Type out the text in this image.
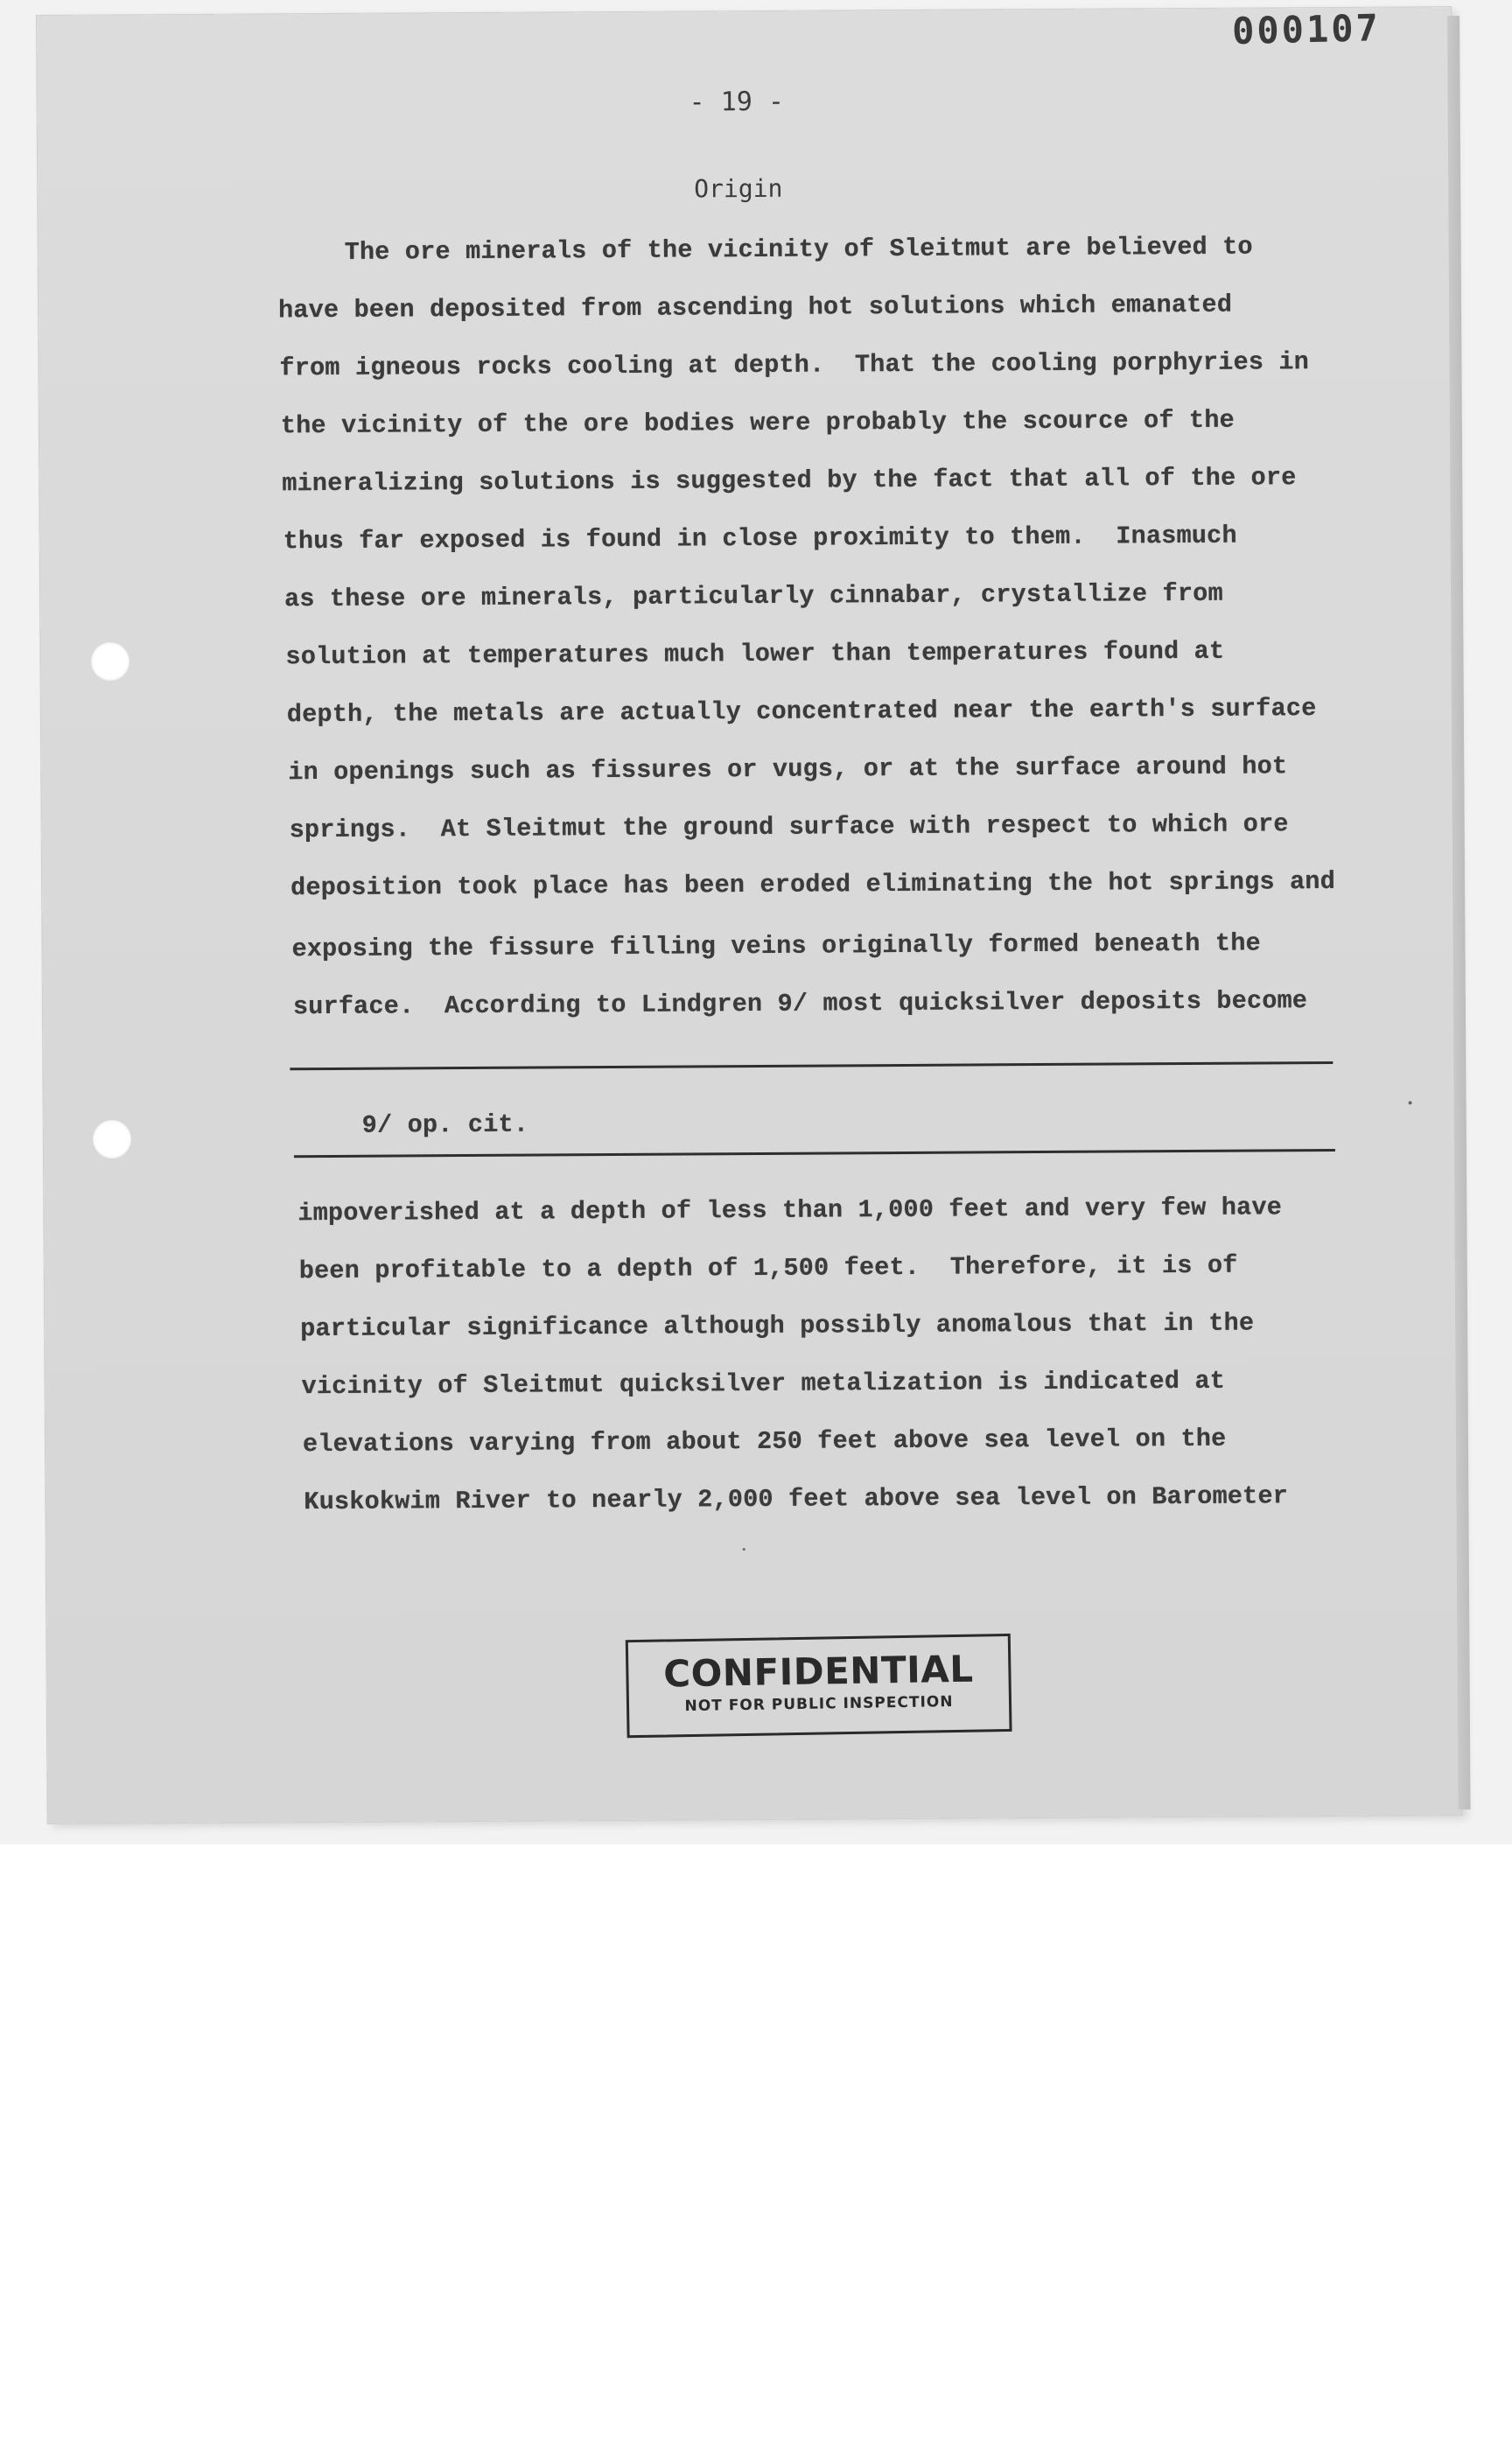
000107
- 19 -
Origin
The ore minerals of the vicinity of Sleitmut are believed to
have been deposited from ascending hot solutions which emanated
from igneous rocks cooling at depth.  That the cooling porphyries in
the vicinity of the ore bodies were probably the scource of the
mineralizing solutions is suggested by the fact that all of the ore
thus far exposed is found in close proximity to them.  Inasmuch
as these ore minerals, particularly cinnabar, crystallize from
solution at temperatures much lower than temperatures found at
depth, the metals are actually concentrated near the earth's surface
in openings such as fissures or vugs, or at the surface around hot
springs.  At Sleitmut the ground surface with respect to which ore
deposition took place has been eroded eliminating the hot springs and
exposing the fissure filling veins originally formed beneath the
surface.  According to Lindgren 9/ most quicksilver deposits become
9/ op. cit.
impoverished at a depth of less than 1,000 feet and very few have
been profitable to a depth of 1,500 feet.  Therefore, it is of
particular significance although possibly anomalous that in the
vicinity of Sleitmut quicksilver metalization is indicated at
elevations varying from about 250 feet above sea level on the
Kuskokwim River to nearly 2,000 feet above sea level on Barometer
CONFIDENTIAL
NOT FOR PUBLIC INSPECTION
